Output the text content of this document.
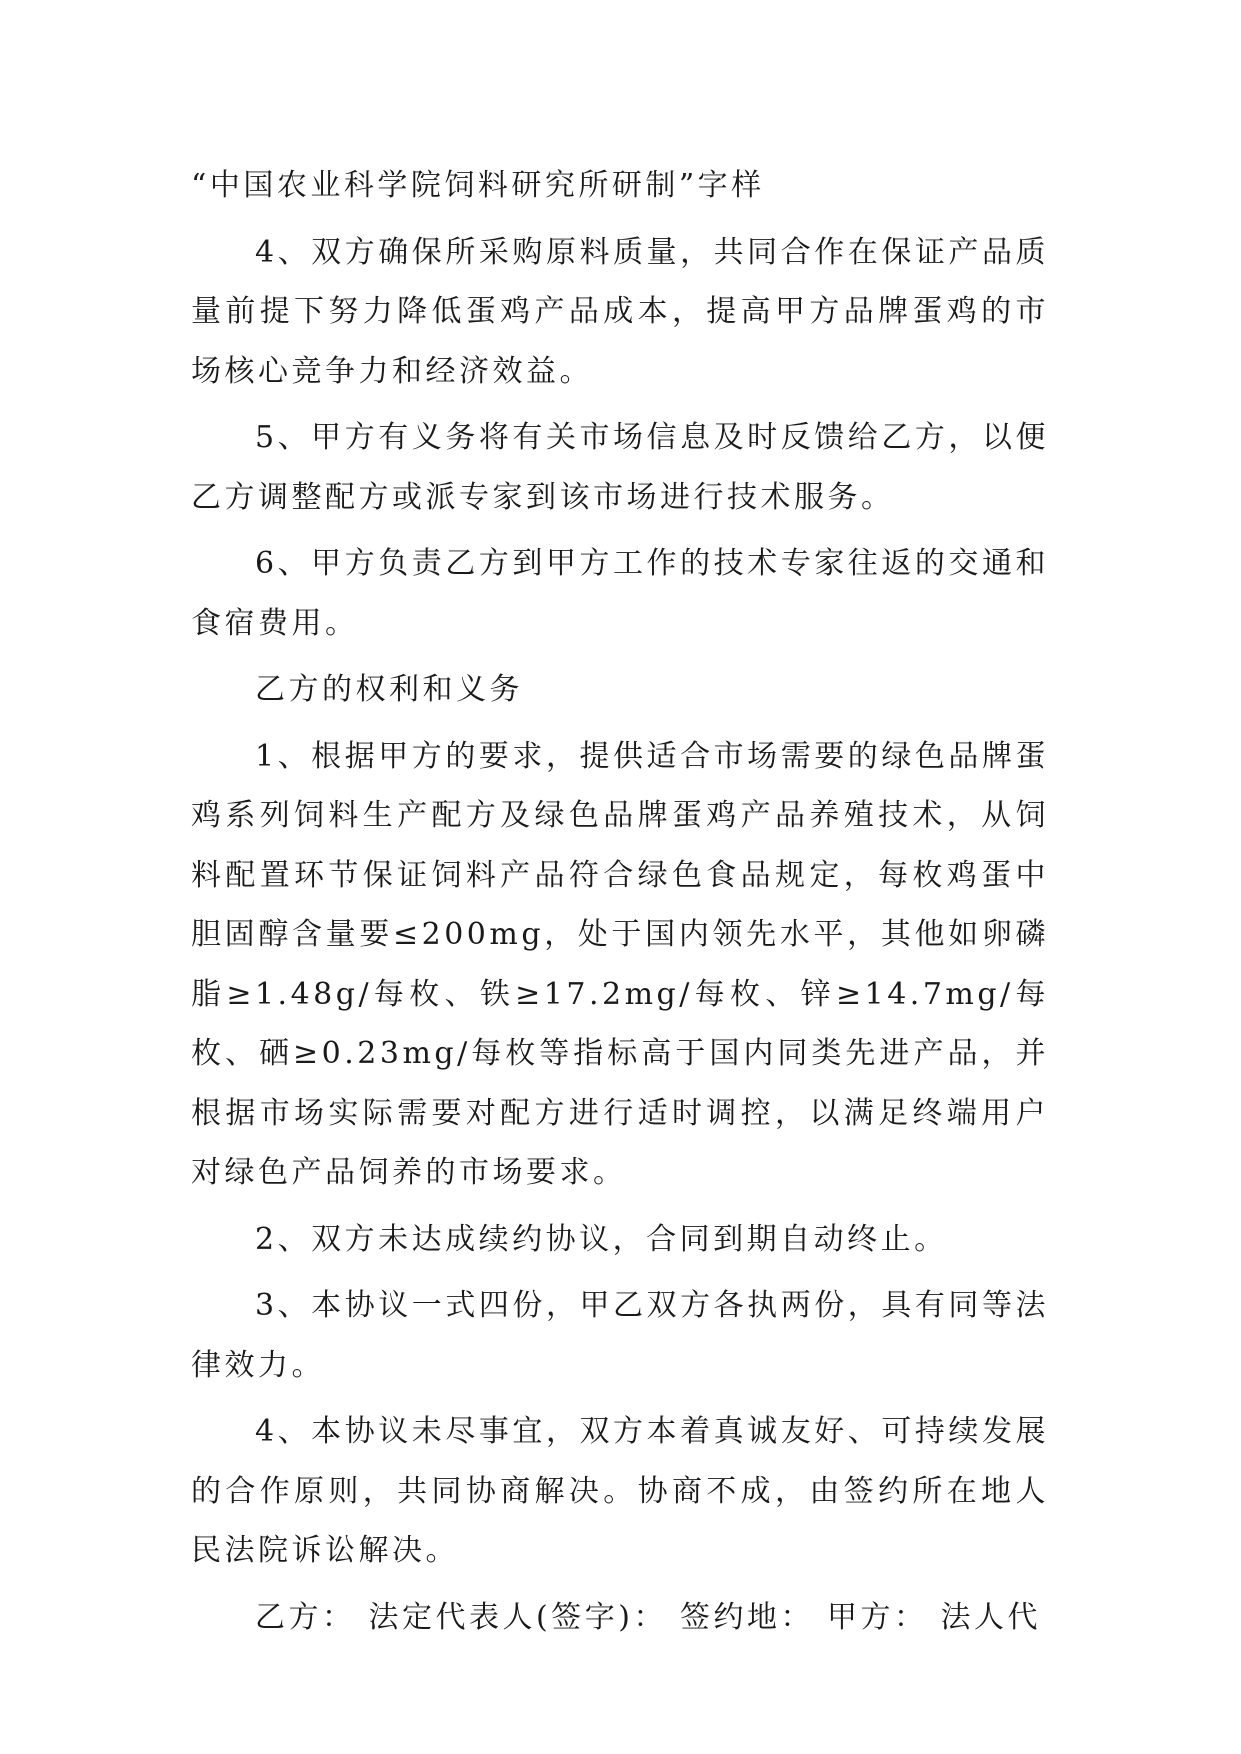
“中国农业科学院饲料研究所研制”字样

4、双方确保所采购原料质量，共同合作在保证产品质量前提下努力降低蛋鸡产品成本，提高甲方品牌蛋鸡的市场核心竞争力和经济效益。

5、甲方有义务将有关市场信息及时反馈给乙方，以便乙方调整配方或派专家到该市场进行技术服务。

6、甲方负责乙方到甲方工作的技术专家往返的交通和食宿费用。

乙方的权利和义务

1、根据甲方的要求，提供适合市场需要的绿色品牌蛋鸡系列饲料生产配方及绿色品牌蛋鸡产品养殖技术，从饲料配置环节保证饲料产品符合绿色食品规定，每枚鸡蛋中胆固醇含量要≤200mg，处于国内领先水平，其他如卵磷脂≥1.48g/每枚、铁≥17.2mg/每枚、锌≥14.7mg/每枚、硒≥0.23mg/每枚等指标高于国内同类先进产品，并根据市场实际需要对配方进行适时调控，以满足终端用户对绿色产品饲养的市场要求。

2、双方未达成续约协议，合同到期自动终止。

3、本协议一式四份，甲乙双方各执两份，具有同等法律效力。

4、本协议未尽事宜，双方本着真诚友好、可持续发展的合作原则，共同协商解决。协商不成，由签约所在地人民法院诉讼解决。

乙方： 法定代表人(签字)： 签约地： 甲方： 法人代
